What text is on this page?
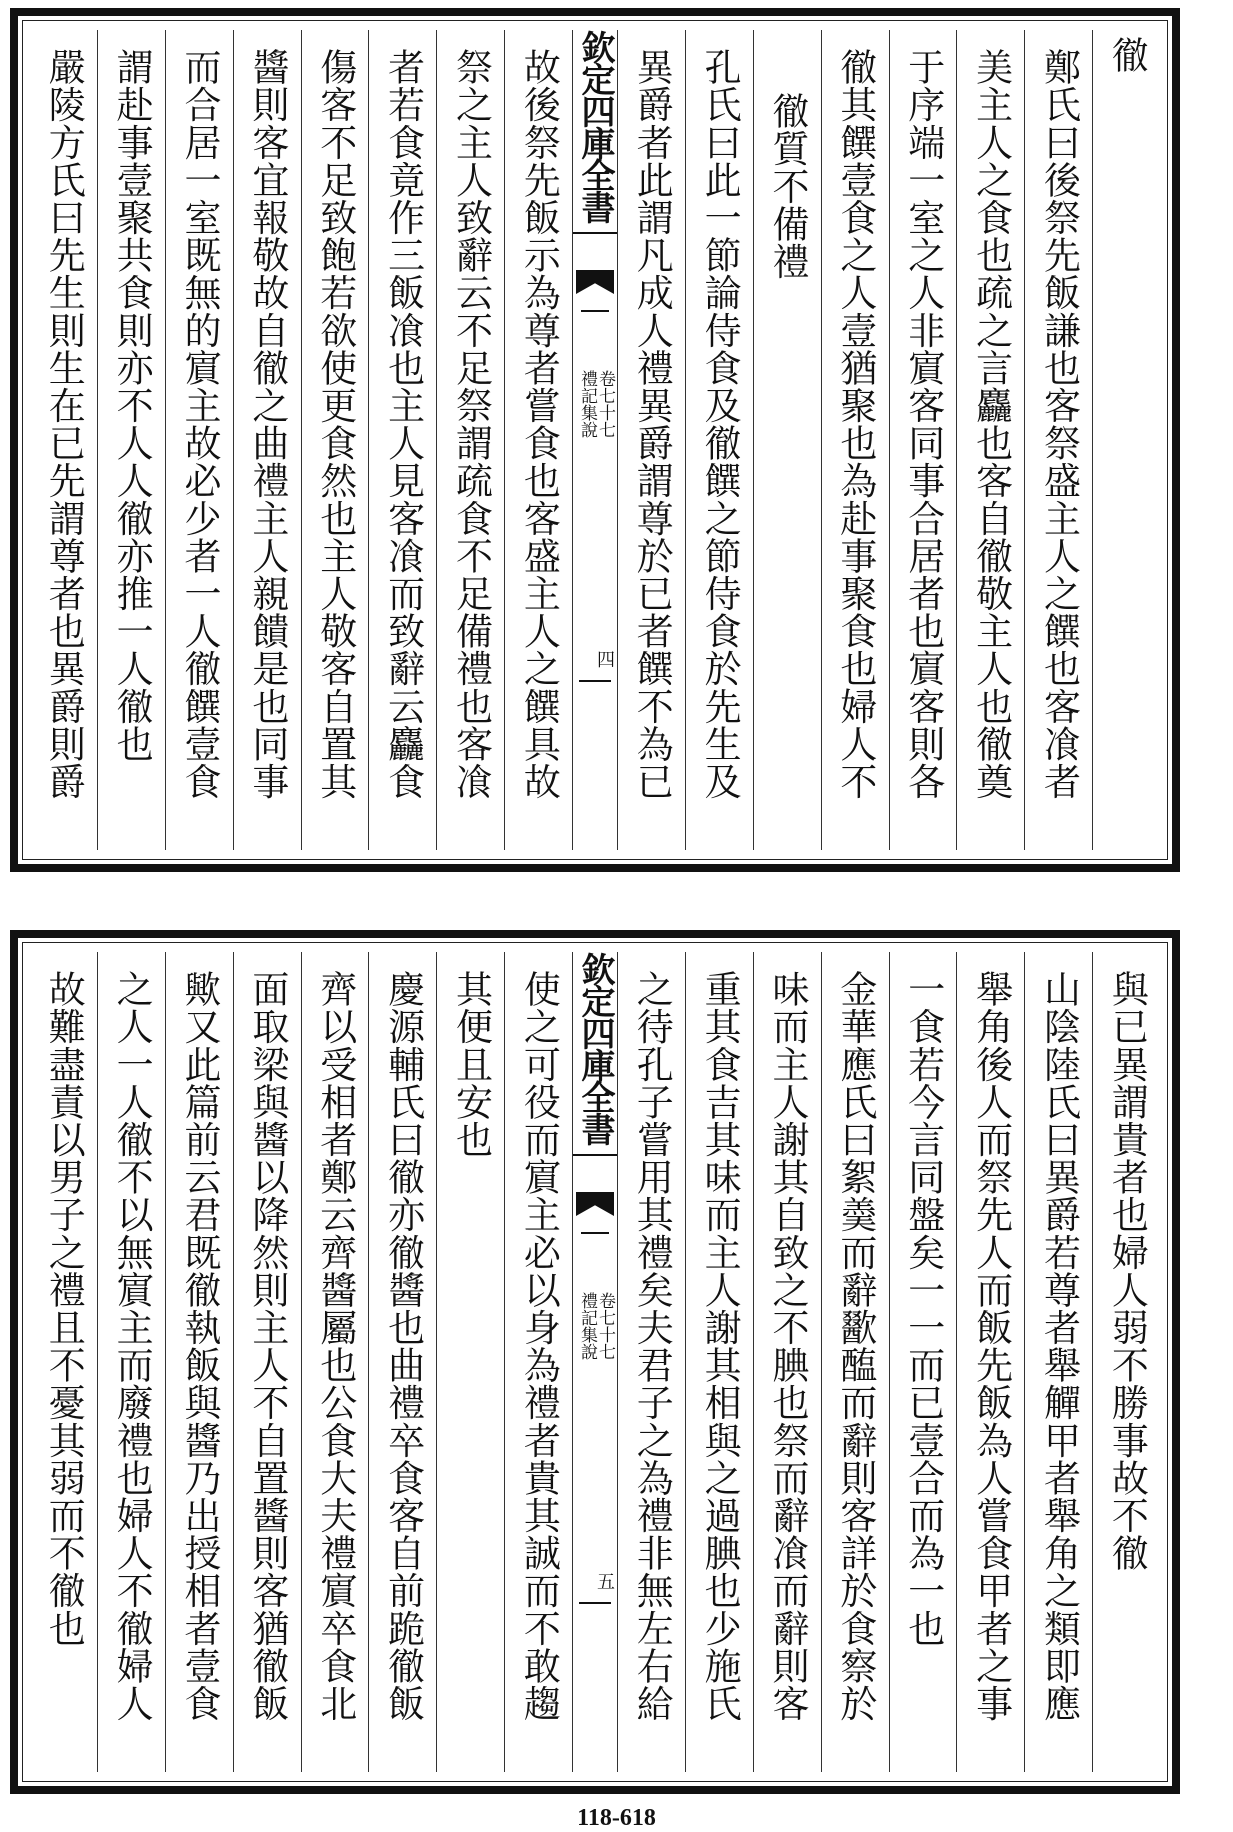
徹
鄭氏曰後祭先飯謙也客祭盛主人之饌也客飡者
美主人之食也疏之言麤也客自徹敬主人也徹奠
于序端一室之人非賔客同事合居者也賔客則各
徹其饌壹食之人壹猶聚也為赴事聚食也婦人不
徹質不備禮
孔氏曰此一節論侍食及徹饌之節侍食於先生及
異爵者此謂凡成人禮異爵謂尊於已者饌不為已
欽定四庫全書
卷七十七
禮記集說
四
故後祭先飯示為尊者嘗食也客盛主人之饌具故
祭之主人致辭云不足祭謂疏食不足備禮也客飡
者若食竟作三飯飡也主人見客飡而致辭云麤食
傷客不足致飽若欲使更食然也主人敬客自置其
醬則客宜報敬故自徹之曲禮主人親饋是也同事
而合居一室既無的賔主故必少者一人徹饌壹食
謂赴事壹聚共食則亦不人人徹亦推一人徹也
嚴陵方氏曰先生則生在已先謂尊者也異爵則爵
與已異謂貴者也婦人弱不勝事故不徹
山陰陸氏曰異爵若尊者舉觶甲者舉角之類即應
舉角後人而祭先人而飯先飯為人嘗食甲者之事
一食若今言同盤矣一一而已壹合而為一也
金華應氏曰絮羮而辭歠醢而辭則客詳於食察於
味而主人謝其自致之不腆也祭而辭飡而辭則客
重其食吉其味而主人謝其相與之過腆也少施氏
之待孔子嘗用其禮矣夫君子之為禮非無左右給
欽定四庫全書
卷七十七
禮記集說
五
使之可役而賔主必以身為禮者貴其誠而不敢趨
其便且安也
慶源輔氏曰徹亦徹醬也曲禮卒食客自前跪徹飯
齊以受相者鄭云齊醬屬也公食大夫禮賔卒食北
面取梁與醬以降然則主人不自置醬則客猶徹飯
歟又此篇前云君既徹執飯與醬乃出授相者壹食
之人一人徹不以無賔主而廢禮也婦人不徹婦人
故難盡責以男子之禮且不憂其弱而不徹也
118-618
